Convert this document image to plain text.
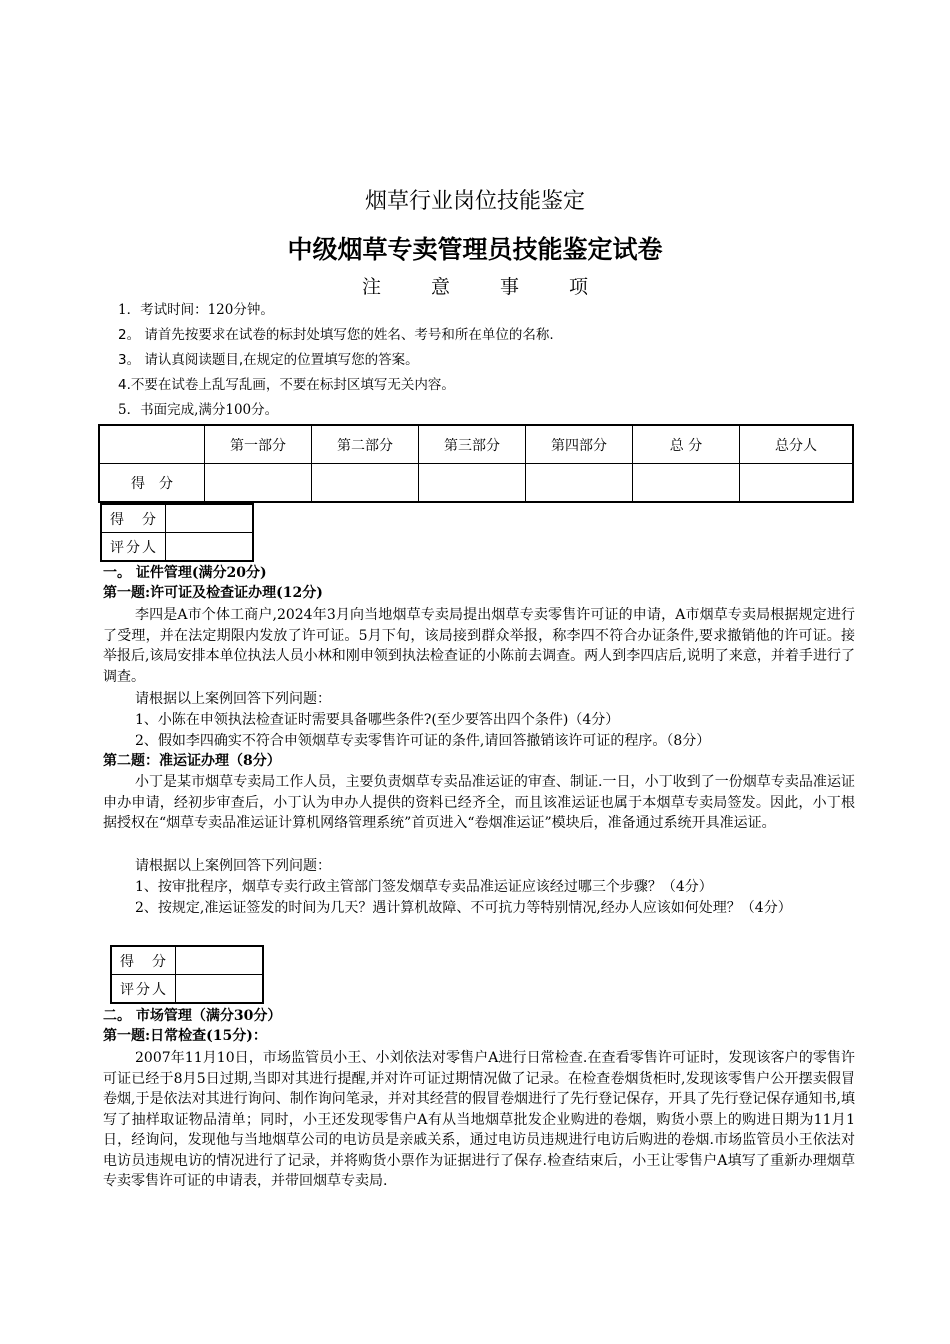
烟草行业岗位技能鉴定
中级烟草专卖管理员技能鉴定试卷
注 意 事 项
1．考试时间：120分钟。
2。 请首先按要求在试卷的标封处填写您的姓名、考号和所在单位的名称.
3。 请认真阅读题目,在规定的位置填写您的答案。
4.不要在试卷上乱写乱画，不要在标封区填写无关内容。
5．书面完成,满分100分。
	第一部分	第二部分	第三部分	第四部分	总 分	总分人
得　分						
得　分	
评分人	
一。 证件管理(满分20分)
第一题:许可证及检查证办理(12分)

李四是A市个体工商户,2024年3月向当地烟草专卖局提出烟草专卖零售许可证的申请，A市烟草专卖局根据规定进行了受理，并在法定期限内发放了许可证。5月下旬，该局接到群众举报，称李四不符合办证条件,要求撤销他的许可证。接举报后,该局安排本单位执法人员小林和刚申领到执法检查证的小陈前去调查。两人到李四店后,说明了来意，并着手进行了调查。

请根据以上案例回答下列问题：
1、小陈在申领执法检查证时需要具备哪些条件?(至少要答出四个条件)（4分）
2、假如李四确实不符合申领烟草专卖零售许可证的条件,请回答撤销该许可证的程序。（8分）
第二题：准运证办理（8分）

小丁是某市烟草专卖局工作人员，主要负责烟草专卖品准运证的审查、制证.一日，小丁收到了一份烟草专卖品准运证申办申请，经初步审查后，小丁认为申办人提供的资料已经齐全，而且该准运证也属于本烟草专卖局签发。因此，小丁根据授权在“烟草专卖品准运证计算机网络管理系统”首页进入“卷烟准运证”模块后，准备通过系统开具准运证。

请根据以上案例回答下列问题：
1、按审批程序，烟草专卖行政主管部门签发烟草专卖品准运证应该经过哪三个步骤？（4分）

2、按规定,准运证签发的时间为几天？遇计算机故障、不可抗力等特别情况,经办人应该如何处理？（4分）

得　分	
评分人	
二。 市场管理（满分30分）
第一题:日常检查(15分)：

2007年11月10日，市场监管员小王、小刘依法对零售户A进行日常检查.在查看零售许可证时，发现该客户的零售许可证已经于8月5日过期,当即对其进行提醒,并对许可证过期情况做了记录。在检查卷烟货柜时,发现该零售户公开摆卖假冒卷烟,于是依法对其进行询问、制作询问笔录，并对其经营的假冒卷烟进行了先行登记保存，开具了先行登记保存通知书,填写了抽样取证物品清单；同时，小王还发现零售户A有从当地烟草批发企业购进的卷烟，购货小票上的购进日期为11月1日，经询问，发现他与当地烟草公司的电访员是亲戚关系，通过电访员违规进行电访后购进的卷烟.市场监管员小王依法对电访员违规电访的情况进行了记录，并将购货小票作为证据进行了保存.检查结束后，小王让零售户A填写了重新办理烟草专卖零售许可证的申请表，并带回烟草专卖局.
